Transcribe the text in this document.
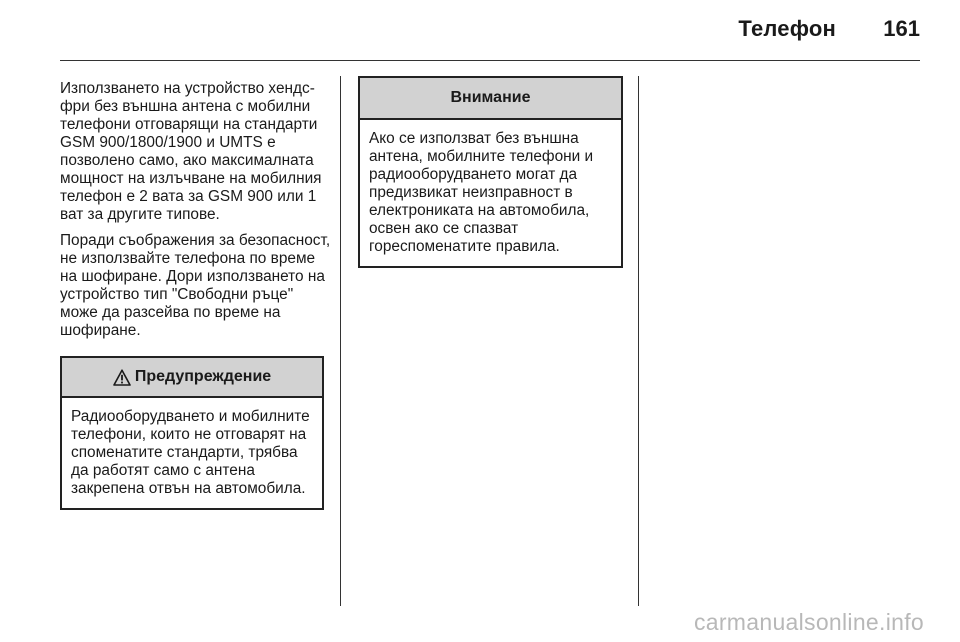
Телефон 161

Използването на устройство хендс-фри без външна антена с мобилни телефони отговарящи на стандарти GSM 900/1800/1900 и UMTS е позволено само, ако максималната мощност на излъчване на мобилния телефон е 2 вата за GSM 900 или 1 ват за другите типове.

Поради съображения за безопасност, не използвайте телефона по време на шофиране. Дори използването на устройство тип "Свободни ръце" може да разсейва по време на шофиране.

Предупреждение
Радиооборудването и мобилните телефони, които не отговарят на споменатите стандарти, трябва да работят само с антена закрепена отвън на автомобила.
Внимание
Ако се използват без външна антена, мобилните телефони и радиооборудването могат да предизвикат неизправност в електрониката на автомобила, освен ако се спазват гореспоменатите правила.
carmanualsonline.info
